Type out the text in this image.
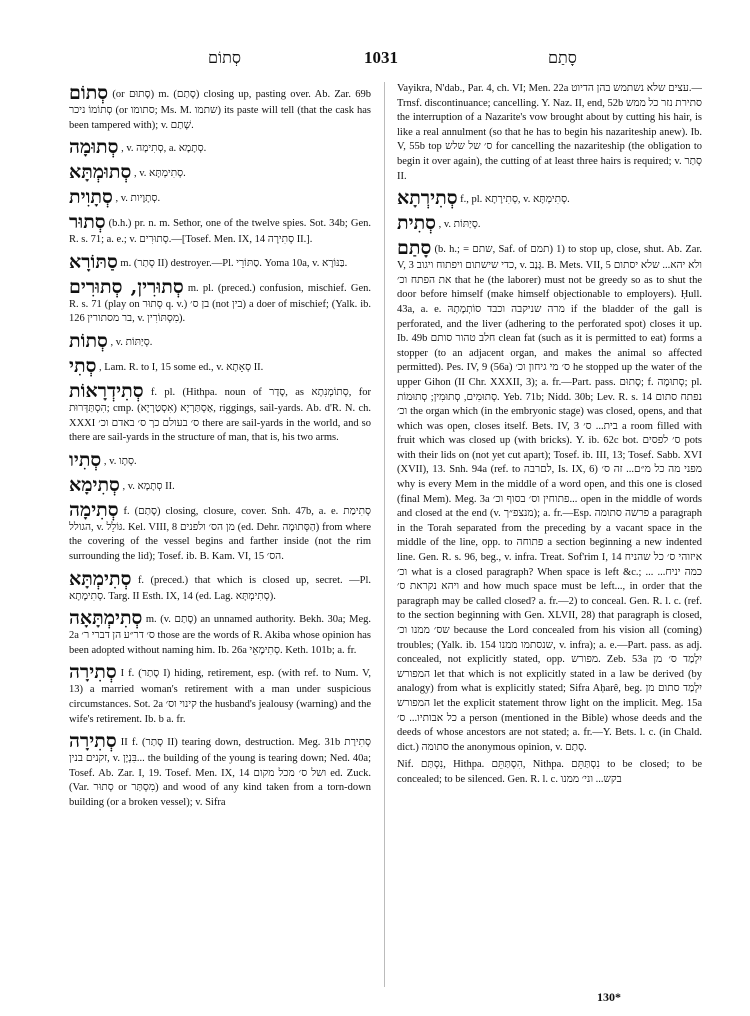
סְתוֹם	1031	סָתַם

סְתוֹם (or סָתוּם) m. (סָתַם) closing up, pasting over. Ab. Zar. 69b סְתוֹמוֹ ניכר (or סתומו; Ms. M. שתמו) its paste will tell (that the cask has been tampered with); v. שָׁתַם.

סְתוּמָה , v. סְתִימָה, a. סְתָמָא.

סְתוּמְתָּא , v. סְתִימְתָּא.

סְתָוִית , v. סְתָוֶיות.

סְתוּר (b.h.) pr. n. m. Sethor, one of the twelve spies. Sot. 34b; Gen. R. s. 71; a. e.; v. סְתוּרִים.—[Tosef. Men. IX, 14 סְתִירָה II.].

סַתּוֹרָא m. (סְתַר II) destroyer.—Pl. סַתּוֹרֵי. Yoma 10a, v. בַּנּוֹרָא.

סְתוּרִין, סְתוּרִים m. pl. (preced.) confusion, mischief. Gen. R. s. 71 (play on סְתוּר q. v.) בן ס׳ (not בין) a doer of mischief; (Yalk. ib. 126 בר מסתורין, v. מִסְתּוֹרִין).

סְתוֹת , v. סְיַתּוֹת.

סְתִי , Lam. R. to I, 15 some ed., v. סְאָתָא II.

סְתִידְרָאוֹת f. pl. (Hithpa. noun of סָדַר, as סְתוֹמְנִתָא, for הִסְתַּדְּרוּת; cmp. אַסְתַּרְיָא (אִסְטַרְיָא), riggings, sail-yards. Ab. d'R. N. ch. XXXI ס׳ בעולם כך ס׳ באדם וכ׳ there are sail-yards in the world, and so there are sail-yards in the structure of man, that is, his two arms.

סְתִיו , v. סְתָו.

סְתִימָא , v. סְתָמָא II.

סְתִימָה f. (סָתַם) closing, closure, cover. Snh. 47b, a. e. סְתִימַת הגולל, v. גּוֹלֵל. Kel. VIII, 8 מן הס׳ ולפנים (ed. Dehr. הַסְּתוּמָה) from where the covering of the vessel begins and farther inside (not the rim surrounding the lid); Tosef. ib. B. Kam. VI, 15 הס׳.

סְתִימְתָּא f. (preced.) that which is closed up, secret. —Pl. סְתִימָתָא. Targ. II Esth. IX, 14 (ed. Lag. סְתִימְתָּא).

סְתִימְתָּאָה m. (v. סָתַם) an unnamed authority. Bekh. 30a; Meg. 2a ס׳ דר״ע הן דברי ר׳ those are the words of R. Akiba whose opinion has been adopted without naming him. Ib. 26a סְתִימָאֵי. Keth. 101b; a. fr.

סְתִירָה I f. (סָתַר I) hiding, retirement, esp. (with ref. to Num. V, 13) a married woman's retirement with a man under suspicious circumstances. Sot. 2a קינוי וס׳ the husband's jealousy (warning) and the wife's retirement. Ib. b a. fr.

סְתִירָה II f. (סָתַר II) tearing down, destruction. Meg. 31b סְתִירַת זקנים בנין, v. בִּנְיָן... the building of the young is tearing down; Ned. 40a; Tosef. Ab. Zar. I, 19. Tosef. Men. IX, 14 ושל ס׳ מכל מקום ed. Zuck. (Var. סְתוּר or מִסְתַּר) and wood of any kind taken from a torn-down building (or a broken vessel); v. Sifra

Vayikra, N'dab., Par. 4, ch. VI; Men. 22a עצים שלא נשתמש בהן הדיוט.—Trnsf. discontinuance; cancelling. Y. Naz. II, end, 52b סתירת נזר כל ממש the interruption of a Nazarite's vow brought about by cutting his hair, is like a real annulment (so that he has to begin his nazariteship anew). Ib. V, 55b top ס׳ של שלש for cancelling the nazariteship (the obligation to begin it over again), the cutting of at least three hairs is required; v. סְתַר II.

סְתִירְתָא f., pl. סְתִירָתָא, v. סְתִימְתָּא.

סְתִית , v. סְיַתּוֹת.

סָתַם (b. h.; = שתם, Saf. of תמם) 1) to stop up, close, shut. Ab. Zar. V, 3 כדי שישתום ויפתוח ויגוב, v. גָּנַב. B. Mets. VII, 5 ולא יהא... שלא יסתום את הפתח וכ׳ that he (the laborer) must not be greedy so as to shut the door before himself (make himself objectionable to employers). Ḥull. 43a, a. e. מרה שניקבה וכבד סוֹתְמָתָהּ if the bladder of the gall is perforated, and the liver (adhering to the perforated spot) closes it up. Ib. 49b חלב טהור סותם clean fat (such as it is permitted to eat) forms a stopper (to an adjacent organ, and makes the animal so affected permitted). Pes. IV, 9 (56a) ס׳ מי גיחון וכ׳ he stopped up the water of the upper Gihon (II Chr. XXXII, 3); a. fr.—Part. pass. סָתוּם; f. סְתוּמָה; pl. סְתוּמִים, סְתוּמִין; סְתוּמוֹת. Yeb. 71b; Nidd. 30b; Lev. R. s. 14 נפתח סתום וכ׳ the organ which (in the embryonic stage) was closed, opens, and that which was open, closes itself. Bets. IV, 3 בית... ס׳ a room filled with fruit which was closed up (with bricks). Y. ib. 62c bot. ס׳ לפסים pots with their lids on (not yet cut apart); Tosef. ib. III, 13; Tosef. Sabb. XVI (XVII), 13. Snh. 94a (ref. to לםרבה, Is. IX, 6) מפני מה כל מ״ם... זה ס׳ why is every Mem in the middle of a word open, and this one is closed (final Mem). Meg. 3a פתוחין וס׳ בסוף וכ׳... open in the middle of words and closed at the end (v. מנצפ״ך); a. fr.—Esp. פרשה סתומה a paragraph in the Torah separated from the preceding by a vacant space in the middle of the line, opp. to פתוחה a section beginning a new indented line. Gen. R. s. 96, beg., v. infra. Treat. Sof'rim I, 14 איזוהי ס׳ כל שהניח וכ׳ what is a closed paragraph? When space is left &c.; ... כמה יניח... ויהא נקראת ס׳ and how much space must be left..., in order that the paragraph may be called closed? a. fr.—2) to conceal. Gen. R. l. c. (ref. to the section beginning with Gen. XLVII, 28) that paragraph is closed, שס׳ ממנו וכ׳ because the Lord concealed from his vision all (coming) troubles; (Yalk. ib. 154 שנסתמו ממנו, v. infra); a. e.—Part. pass. as adj. concealed, not explicitly stated, opp. מפורש. Zeb. 53a יִלְמַד ס׳ מן המפורש let that which is not explicitly stated in a law be derived (by analogy) from what is explicitly stated; Sifra Aḥarê, beg. יִלְמַד סתום מן המפורש let the explicit statement throw light on the implicit. Meg. 15a כל אבותיו... ס׳ a person (mentioned in the Bible) whose deeds and the deeds of whose ancestors are not stated; a. fr.—Y. Bets. l. c. (in Chald. dict.) סתומה the anonymous opinion, v. סָתַם.

Nif. נִסְתַּם, Hithpa. הִסְתַּתֵּם, Nithpa. נִסְתַּתֵּם to be closed; to be concealed; to be silenced. Gen. R. l. c. בקש... וני׳ ממנו

130*
